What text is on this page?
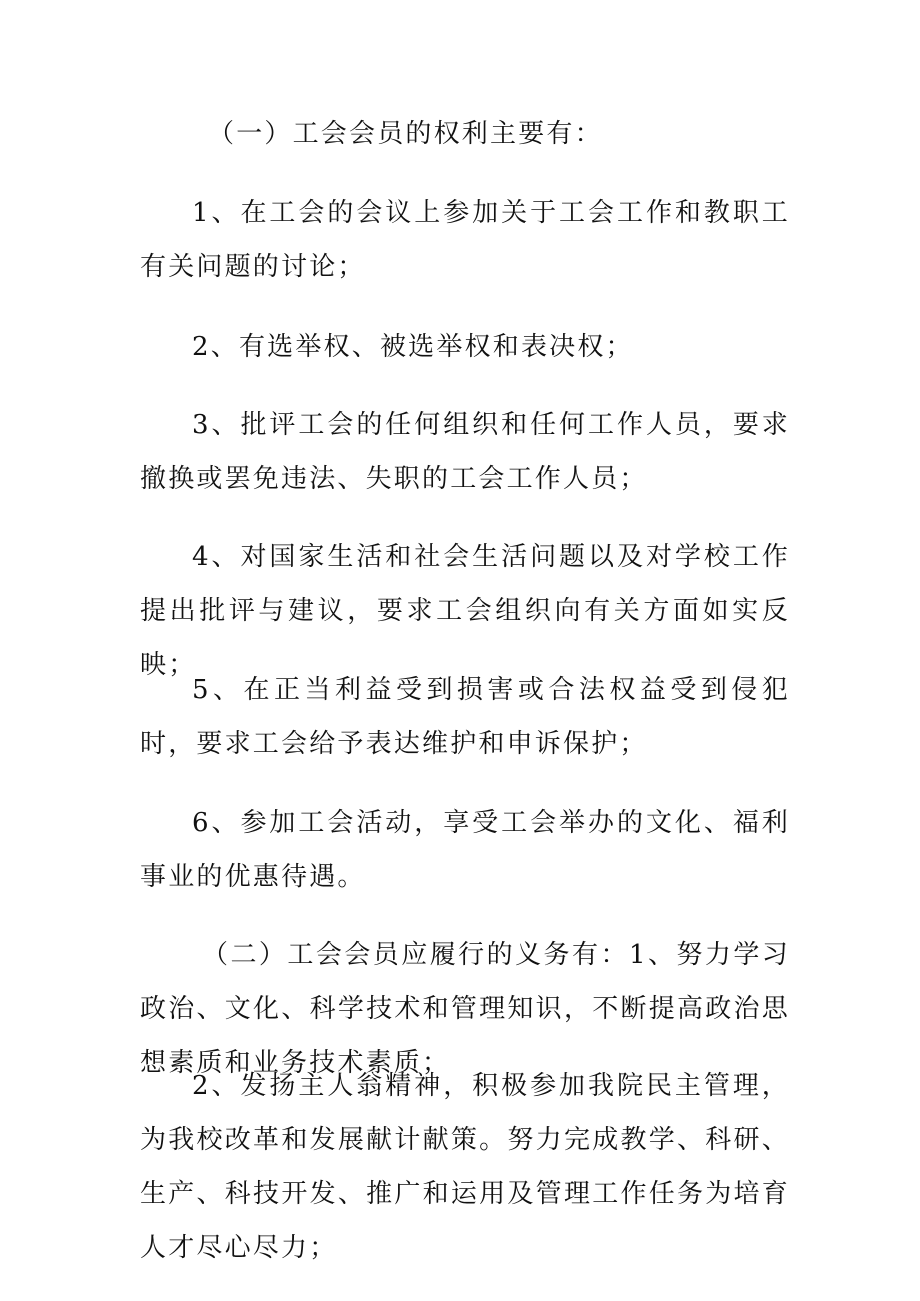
（一）工会会员的权利主要有：

1、在工会的会议上参加关于工会工作和教职工有关问题的讨论；

2、有选举权、被选举权和表决权；

3、批评工会的任何组织和任何工作人员，要求撤换或罢免违法、失职的工会工作人员；

4、对国家生活和社会生活问题以及对学校工作提出批评与建议，要求工会组织向有关方面如实反映；

5、在正当利益受到损害或合法权益受到侵犯时，要求工会给予表达维护和申诉保护；

6、参加工会活动，享受工会举办的文化、福利事业的优惠待遇。

（二）工会会员应履行的义务有：1、努力学习政治、文化、科学技术和管理知识，不断提高政治思想素质和业务技术素质；

2、发扬主人翁精神，积极参加我院民主管理，为我校改革和发展献计献策。努力完成教学、科研、生产、科技开发、推广和运用及管理工作任务为培育人才尽心尽力；
